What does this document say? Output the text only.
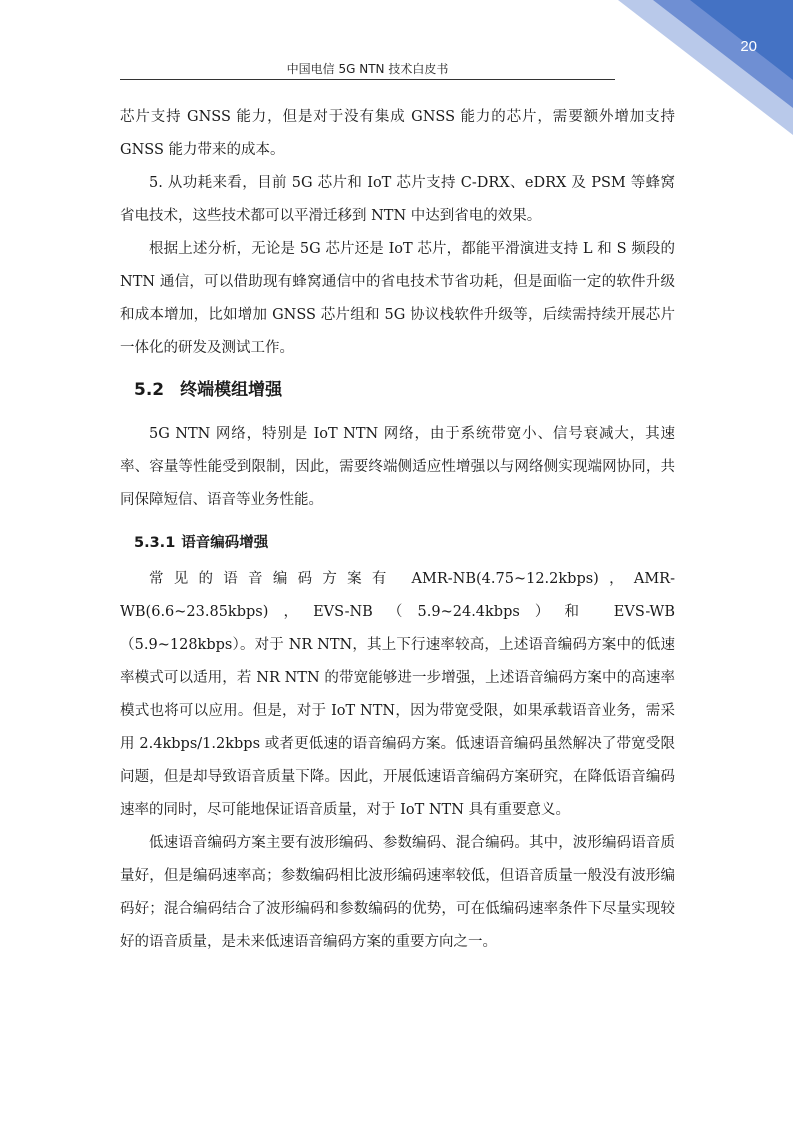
20
中国电信 5G NTN 技术白皮书

芯片支持 GNSS 能力，但是对于没有集成 GNSS 能力的芯片，需要额外增加支持 GNSS 能力带来的成本。

5. 从功耗来看，目前 5G 芯片和 IoT 芯片支持 C-DRX、eDRX 及 PSM 等蜂窝省电技术，这些技术都可以平滑迁移到 NTN 中达到省电的效果。

根据上述分析，无论是 5G 芯片还是 IoT 芯片，都能平滑演进支持 L 和 S 频段的 NTN 通信，可以借助现有蜂窝通信中的省电技术节省功耗，但是面临一定的软件升级和成本增加，比如增加 GNSS 芯片组和 5G 协议栈软件升级等，后续需持续开展芯片一体化的研发及测试工作。

5.2 终端模组增强

5G NTN 网络，特别是 IoT NTN 网络，由于系统带宽小、信号衰减大，其速率、容量等性能受到限制，因此，需要终端侧适应性增强以与网络侧实现端网协同，共同保障短信、语音等业务性能。

5.3.1 语音编码增强

常见的语音编码方案有 AMR-NB(4.75~12.2kbps)，AMR-WB(6.6~23.85kbps)，EVS-NB（5.9~24.4kbps）和 EVS-WB（5.9~128kbps）。对于 NR NTN，其上下行速率较高，上述语音编码方案中的低速率模式可以适用，若 NR NTN 的带宽能够进一步增强，上述语音编码方案中的高速率模式也将可以应用。但是，对于 IoT NTN，因为带宽受限，如果承载语音业务，需采用 2.4kbps/1.2kbps 或者更低速的语音编码方案。低速语音编码虽然解决了带宽受限问题，但是却导致语音质量下降。因此，开展低速语音编码方案研究，在降低语音编码速率的同时，尽可能地保证语音质量，对于 IoT NTN 具有重要意义。

低速语音编码方案主要有波形编码、参数编码、混合编码。其中，波形编码语音质量好，但是编码速率高；参数编码相比波形编码速率较低，但语音质量一般没有波形编码好；混合编码结合了波形编码和参数编码的优势，可在低编码速率条件下尽量实现较好的语音质量，是未来低速语音编码方案的重要方向之一。
